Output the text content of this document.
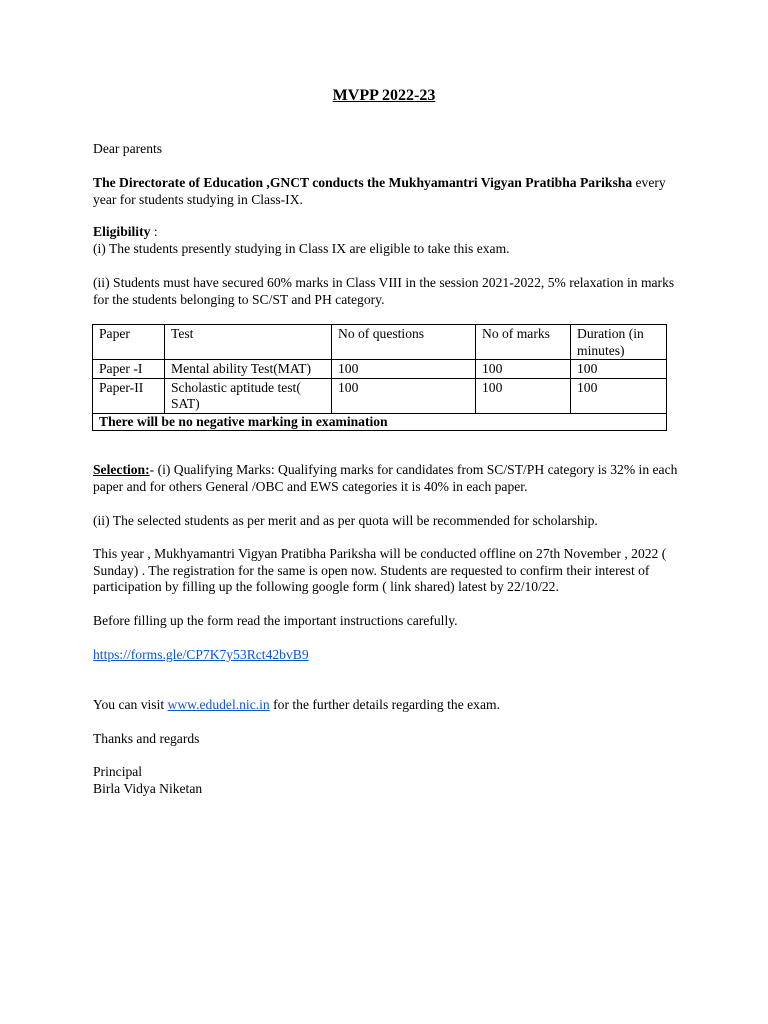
MVPP 2022-23

Dear parents

The Directorate of Education ,GNCT conducts the Mukhyamantri Vigyan Pratibha Pariksha every year for students studying in Class-IX.

Eligibility :

(i) The students presently studying in Class IX are eligible to take this exam.

(ii) Students must have secured 60% marks in Class VIII in the session 2021-2022, 5% relaxation in marks for the students belonging to SC/ST and PH category.

Paper	Test	No of questions	No of marks	Duration (in minutes)
Paper -I	Mental ability Test(MAT)	100	100	100
Paper-II	Scholastic aptitude test( SAT)	100	100	100
There will be no negative marking in examination				

Selection:- (i) Qualifying Marks: Qualifying marks for candidates from SC/ST/PH category is 32% in each paper and for others General /OBC and EWS categories it is 40% in each paper.

(ii) The selected students as per merit and as per quota will be recommended for scholarship.

This year , Mukhyamantri Vigyan Pratibha Pariksha will be conducted offline on 27th November , 2022 ( Sunday) . The registration for the same is open now. Students are requested to confirm their interest of participation by filling up the following google form ( link shared) latest by 22/10/22.

Before filling up the form read the important instructions carefully.

https://forms.gle/CP7K7y53Rct42bvB9

You can visit www.edudel.nic.in for the further details regarding the exam.

Thanks and regards

Principal

Birla Vidya Niketan
